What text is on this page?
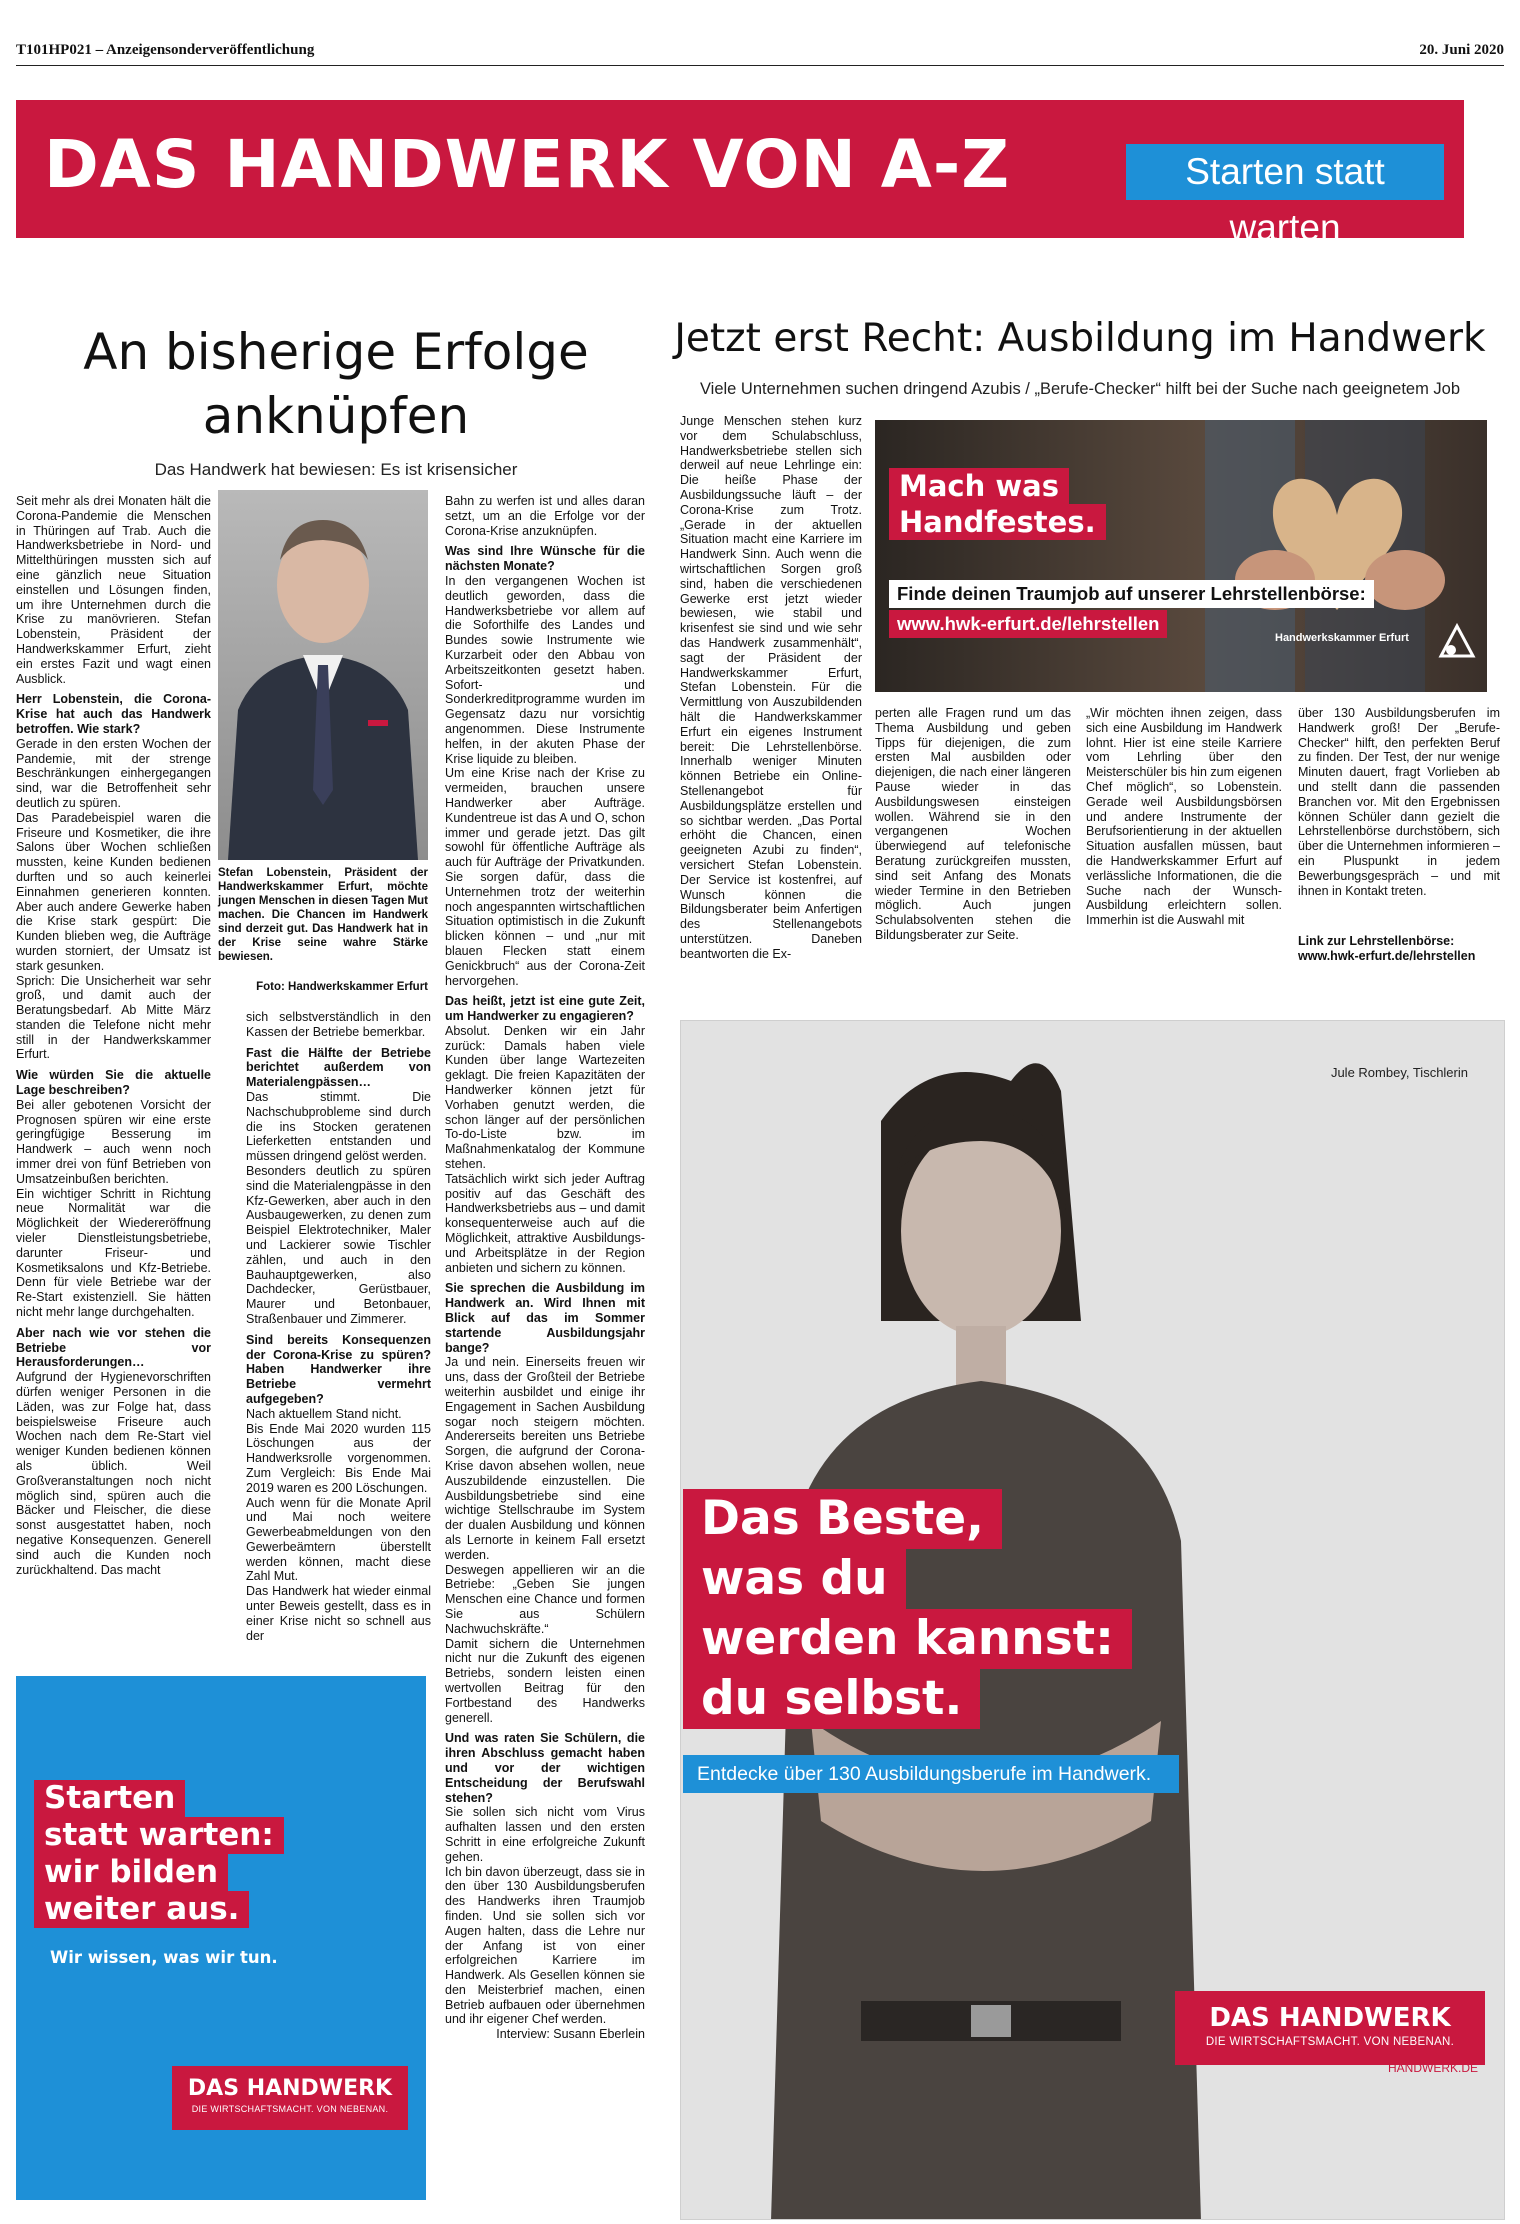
T101HP021 – Anzeigensonderveröffentlichung	20. Juni 2020
DAS HANDWERK VON A-Z	Starten statt warten
An bisherige Erfolge
anknüpfen
Das Handwerk hat bewiesen: Es ist krisensicher

Seit mehr als drei Monaten hält die Corona-Pandemie die Menschen in Thüringen auf Trab. Auch die Handwerksbetriebe in Nord- und Mittelthüringen mussten sich auf eine gänzlich neue Situation einstellen und Lösungen finden, um ihre Unternehmen durch die Krise zu manövrieren. Stefan Lobenstein, Präsident der Handwerkskammer Erfurt, zieht ein erstes Fazit und wagt einen Ausblick.

Herr Lobenstein, die Corona-Krise hat auch das Handwerk betroffen. Wie stark?

Gerade in den ersten Wochen der Pandemie, mit der strenge Beschränkungen einhergegangen sind, war die Betroffenheit sehr deutlich zu spüren.

Das Paradebeispiel waren die Friseure und Kosmetiker, die ihre Salons über Wochen schließen mussten, keine Kunden bedienen durften und so auch keinerlei Einnahmen generieren konnten. Aber auch andere Gewerke haben die Krise stark gespürt: Die Kunden blieben weg, die Aufträge wurden storniert, der Umsatz ist stark gesunken.

Sprich: Die Unsicherheit war sehr groß, und damit auch der Beratungsbedarf. Ab Mitte März standen die Telefone nicht mehr still in der Handwerkskammer Erfurt.

Wie würden Sie die aktuelle Lage beschreiben?

Bei aller gebotenen Vorsicht der Prognosen spüren wir eine erste geringfügige Besserung im Handwerk – auch wenn noch immer drei von fünf Betrieben von Umsatzeinbußen berichten.

Ein wichtiger Schritt in Richtung neue Normalität war die Möglichkeit der Wiedereröffnung vieler Dienstleistungsbetriebe, darunter Friseur- und Kosmetiksalons und Kfz-Betriebe. Denn für viele Betriebe war der Re-Start existenziell. Sie hätten nicht mehr lange durchgehalten.

Aber nach wie vor stehen die Betriebe vor Herausforderungen…

Aufgrund der Hygienevorschriften dürfen weniger Personen in die Läden, was zur Folge hat, dass beispielsweise Friseure auch Wochen nach dem Re-Start viel weniger Kunden bedienen können als üblich. Weil Großveranstaltungen noch nicht möglich sind, spüren auch die Bäcker und Fleischer, die diese sonst ausgestattet haben, noch negative Konsequenzen. Generell sind auch die Kunden noch zurückhaltend. Das macht

Stefan Lobenstein, Präsident der Handwerkskammer Erfurt, möchte jungen Menschen in diesen Tagen Mut machen. Die Chancen im Handwerk sind derzeit gut. Das Handwerk hat in der Krise seine wahre Stärke bewiesen.
Foto: Handwerkskammer Erfurt

sich selbstverständlich in den Kassen der Betriebe bemerkbar.

Fast die Hälfte der Betriebe berichtet außerdem von Materialengpässen…

Das stimmt. Die Nachschubprobleme sind durch die ins Stocken geratenen Lieferketten entstanden und müssen dringend gelöst werden.

Besonders deutlich zu spüren sind die Materialengpässe in den Kfz-Gewerken, aber auch in den Ausbaugewerken, zu denen zum Beispiel Elektrotechniker, Maler und Lackierer sowie Tischler zählen, und auch in den Bauhauptgewerken, also Dachdecker, Gerüstbauer, Maurer und Betonbauer, Straßenbauer und Zimmerer.

Sind bereits Konsequenzen der Corona-Krise zu spüren? Haben Handwerker ihre Betriebe vermehrt aufgegeben?

Nach aktuellem Stand nicht.

Bis Ende Mai 2020 wurden 115 Löschungen aus der Handwerksrolle vorgenommen. Zum Vergleich: Bis Ende Mai 2019 waren es 200 Löschungen.

Auch wenn für die Monate April und Mai noch weitere Gewerbeabmeldungen von den Gewerbeämtern überstellt werden können, macht diese Zahl Mut.

Das Handwerk hat wieder einmal unter Beweis gestellt, dass es in einer Krise nicht so schnell aus der

Bahn zu werfen ist und alles daran setzt, um an die Erfolge vor der Corona-Krise anzuknüpfen.

Was sind Ihre Wünsche für die nächsten Monate?

In den vergangenen Wochen ist deutlich geworden, dass die Handwerksbetriebe vor allem auf die Soforthilfe des Landes und Bundes sowie Instrumente wie Kurzarbeit oder den Abbau von Arbeitszeitkonten gesetzt haben. Sofort- und Sonderkreditprogramme wurden im Gegensatz dazu nur vorsichtig angenommen. Diese Instrumente helfen, in der akuten Phase der Krise liquide zu bleiben.

Um eine Krise nach der Krise zu vermeiden, brauchen unsere Handwerker aber Aufträge. Kundentreue ist das A und O, schon immer und gerade jetzt. Das gilt sowohl für öffentliche Aufträge als auch für Aufträge der Privatkunden. Sie sorgen dafür, dass die Unternehmen trotz der weiterhin noch angespannten wirtschaftlichen Situation optimistisch in die Zukunft blicken können – und „nur mit blauen Flecken statt einem Genickbruch“ aus der Corona-Zeit hervorgehen.

Das heißt, jetzt ist eine gute Zeit, um Handwerker zu engagieren?

Absolut. Denken wir ein Jahr zurück: Damals haben viele Kunden über lange Wartezeiten geklagt. Die freien Kapazitäten der Handwerker können jetzt für Vorhaben genutzt werden, die schon länger auf der persönlichen To-do-Liste bzw. im Maßnahmenkatalog der Kommune stehen.

Tatsächlich wirkt sich jeder Auftrag positiv auf das Geschäft des Handwerksbetriebs aus – und damit konsequenterweise auch auf die Möglichkeit, attraktive Ausbildungs- und Arbeitsplätze in der Region anbieten und sichern zu können.

Sie sprechen die Ausbildung im Handwerk an. Wird Ihnen mit Blick auf das im Sommer startende Ausbildungsjahr bange?

Ja und nein. Einerseits freuen wir uns, dass der Großteil der Betriebe weiterhin ausbildet und einige ihr Engagement in Sachen Ausbildung sogar noch steigern möchten. Andererseits bereiten uns Betriebe Sorgen, die aufgrund der Corona-Krise davon absehen wollen, neue Auszubildende einzustellen. Die Ausbildungsbetriebe sind eine wichtige Stellschraube im System der dualen Ausbildung und können als Lernorte in keinem Fall ersetzt werden.

Deswegen appellieren wir an die Betriebe: „Geben Sie jungen Menschen eine Chance und formen Sie aus Schülern Nachwuchskräfte.“

Damit sichern die Unternehmen nicht nur die Zukunft des eigenen Betriebs, sondern leisten einen wertvollen Beitrag für den Fortbestand des Handwerks generell.

Und was raten Sie Schülern, die ihren Abschluss gemacht haben und vor der wichtigen Entscheidung der Berufswahl stehen?

Sie sollen sich nicht vom Virus aufhalten lassen und den ersten Schritt in eine erfolgreiche Zukunft gehen.

Ich bin davon überzeugt, dass sie in den über 130 Ausbildungsberufen des Handwerks ihren Traumjob finden. Und sie sollen sich vor Augen halten, dass die Lehre nur der Anfang ist von einer erfolgreichen Karriere im Handwerk. Als Gesellen können sie den Meisterbrief machen, einen Betrieb aufbauen oder übernehmen und ihr eigener Chef werden.

Interview: Susann Eberlein

Jetzt erst Recht: Ausbildung im Handwerk
Viele Unternehmen suchen dringend Azubis / „Berufe-Checker“ hilft bei der Suche nach geeignetem Job
Junge Menschen stehen kurz vor dem Schulabschluss, Handwerksbetriebe stellen sich derweil auf neue Lehrlinge ein: Die heiße Phase der Ausbildungssuche läuft – der Corona-Krise zum Trotz. „Gerade in der aktuellen Situation macht eine Karriere im Handwerk Sinn. Auch wenn die wirtschaftlichen Sorgen groß sind, haben die verschiedenen Gewerke erst jetzt wieder bewiesen, wie stabil und krisenfest sie sind und wie sehr das Handwerk zusammenhält“, sagt der Präsident der Handwerkskammer Erfurt, Stefan Lobenstein. Für die Vermittlung von Auszubildenden hält die Handwerkskammer Erfurt ein eigenes Instrument bereit: Die Lehrstellenbörse. Innerhalb weniger Minuten können Betriebe ein Online-Stellenangebot für Ausbildungsplätze erstellen und so sichtbar werden. „Das Portal erhöht die Chancen, einen geeigneten Azubi zu finden“, versichert Stefan Lobenstein. Der Service ist kostenfrei, auf Wunsch können die Bildungsberater beim Anfertigen des Stellenangebots unterstützen. Daneben beantworten die Ex-
perten alle Fragen rund um das Thema Ausbildung und geben Tipps für diejenigen, die zum ersten Mal ausbilden oder diejenigen, die nach einer längeren Pause wieder in das Ausbildungswesen einsteigen wollen. Während sie in den vergangenen Wochen überwiegend auf telefonische Beratung zurückgreifen mussten, sind seit Anfang des Monats wieder Termine in den Betrieben möglich. Auch jungen Schulabsolventen stehen die Bildungsberater zur Seite.
„Wir möchten ihnen zeigen, dass sich eine Ausbildung im Handwerk lohnt. Hier ist eine steile Karriere vom Lehrling über den Meisterschüler bis hin zum eigenen Chef möglich“, so Lobenstein. Gerade weil Ausbildungsbörsen und andere Instrumente der Berufsorientierung in der aktuellen Situation ausfallen müssen, baut die Handwerkskammer Erfurt auf verlässliche Informationen, die die Suche nach der Wunsch-Ausbildung erleichtern sollen. Immerhin ist die Auswahl mit
über 130 Ausbildungsberufen im Handwerk groß! Der „Berufe-Checker“ hilft, den perfekten Beruf zu finden. Der Test, der nur wenige Minuten dauert, fragt Vorlieben ab und stellt dann die passenden Branchen vor. Mit den Ergebnissen können Schüler dann gezielt die Lehrstellenbörse durchstöbern, sich über die Unternehmen informieren – ein Pluspunkt in jedem Bewerbungsgespräch – und mit ihnen in Kontakt treten.
Link zur Lehrstellenbörse:
www.hwk-erfurt.de/lehrstellen
Mach was
Handfestes.
Finde deinen Traumjob auf unserer Lehrstellenbörse:
www.hwk-erfurt.de/lehrstellen
Handwerkskammer Erfurt
Starten
statt warten:
wir bilden
weiter aus.
Wir wissen, was wir tun.
DAS HANDWERK
DIE WIRTSCHAFTSMACHT. VON NEBENAN.
Jule Rombey, Tischlerin
Das Beste,
was du
werden kannst:
du selbst.
Entdecke über 130 Ausbildungsberufe im Handwerk.
DAS HANDWERK
DIE WIRTSCHAFTSMACHT. VON NEBENAN.
HANDWERK.DE
